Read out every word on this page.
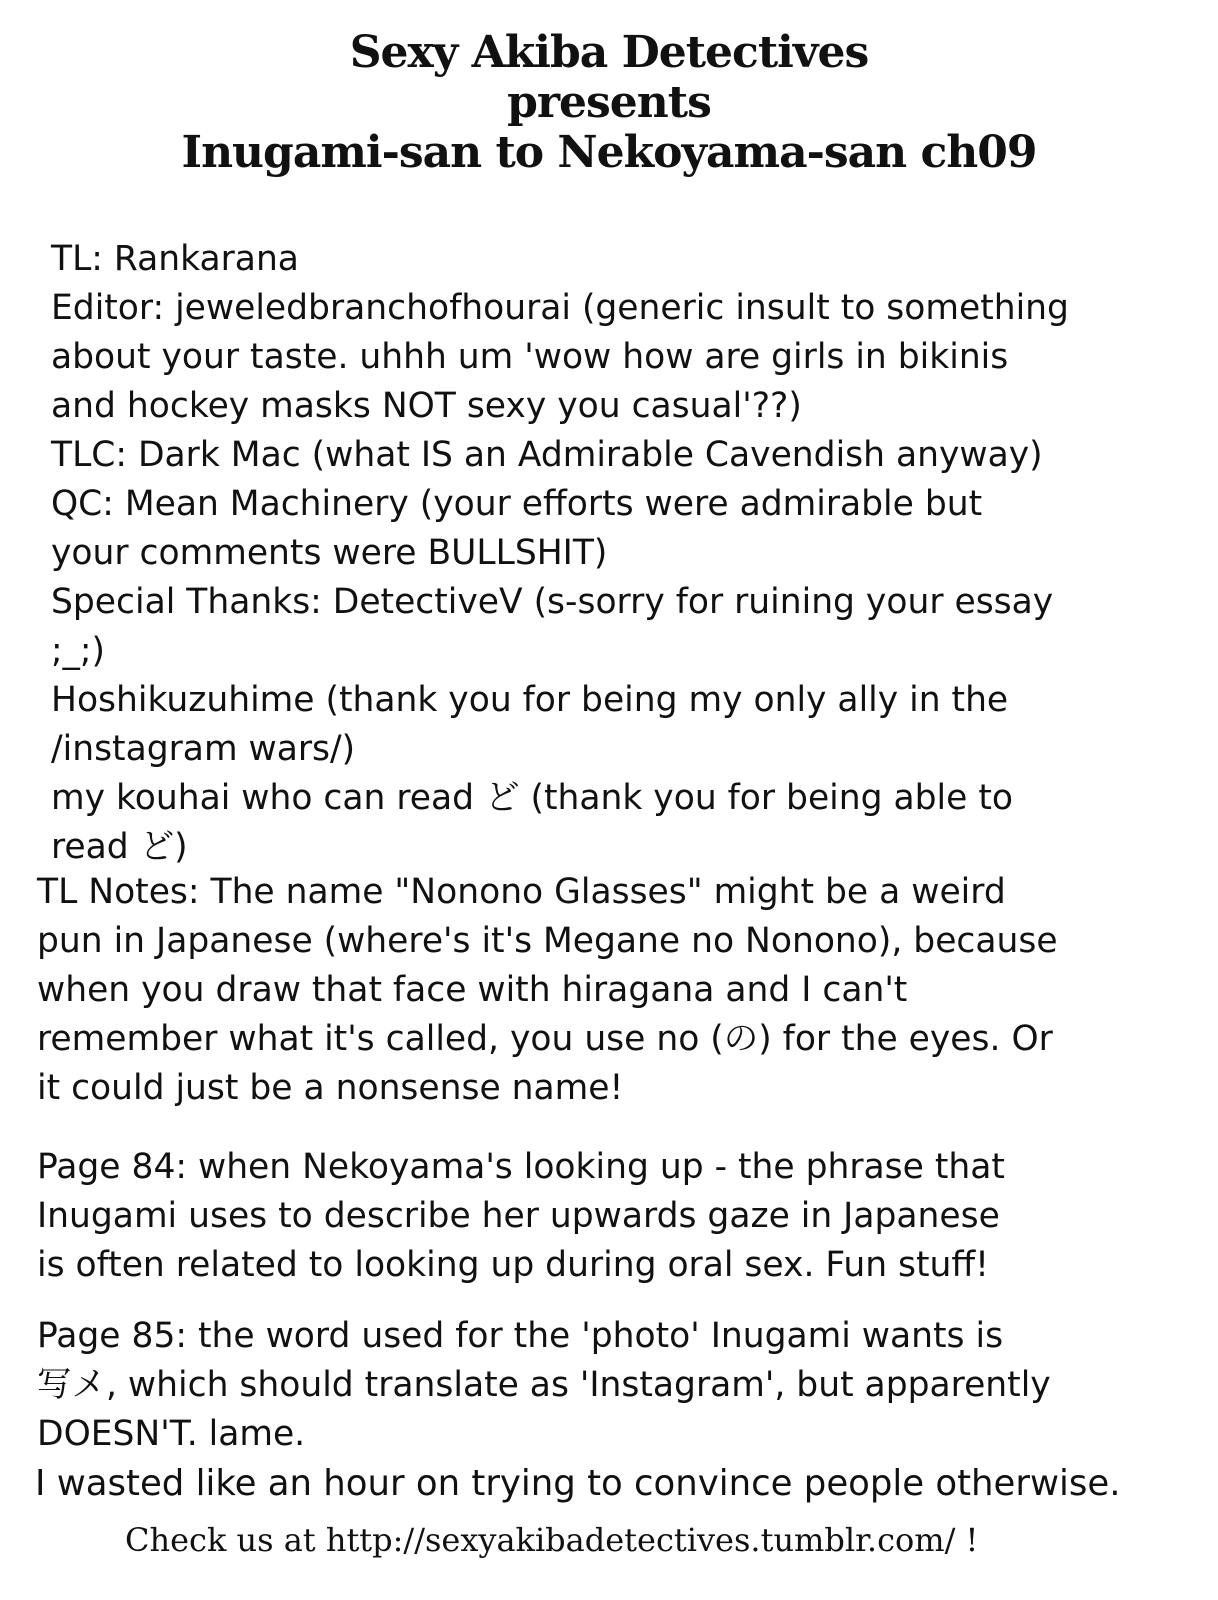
Sexy Akiba Detectives
presents
Inugami-san to Nekoyama-san ch09
TL: Rankarana
Editor: jeweledbranchofhourai (generic insult to something
about your taste. uhhh um 'wow how are girls in bikinis
and hockey masks NOT sexy you casual'??)
TLC: Dark Mac (what IS an Admirable Cavendish anyway)
QC: Mean Machinery (your efforts were admirable but
your comments were BULLSHIT)
Special Thanks: DetectiveV (s-sorry for ruining your essay
;_;)
Hoshikuzuhime (thank you for being my only ally in the
/instagram wars/)
my kouhai who can read ど (thank you for being able to
read ど)
TL Notes: The name "Nonono Glasses" might be a weird
pun in Japanese (where's it's Megane no Nonono), because
when you draw that face with hiragana and I can't
remember what it's called, you use no (の) for the eyes. Or
it could just be a nonsense name!
Page 84: when Nekoyama's looking up - the phrase that
Inugami uses to describe her upwards gaze in Japanese
is often related to looking up during oral sex. Fun stuff!
Page 85: the word used for the 'photo' Inugami wants is
写メ, which should translate as 'Instagram', but apparently
DOESN'T. lame.
I wasted like an hour on trying to convince people otherwise.
Check us at http://sexyakibadetectives.tumblr.com/ !
